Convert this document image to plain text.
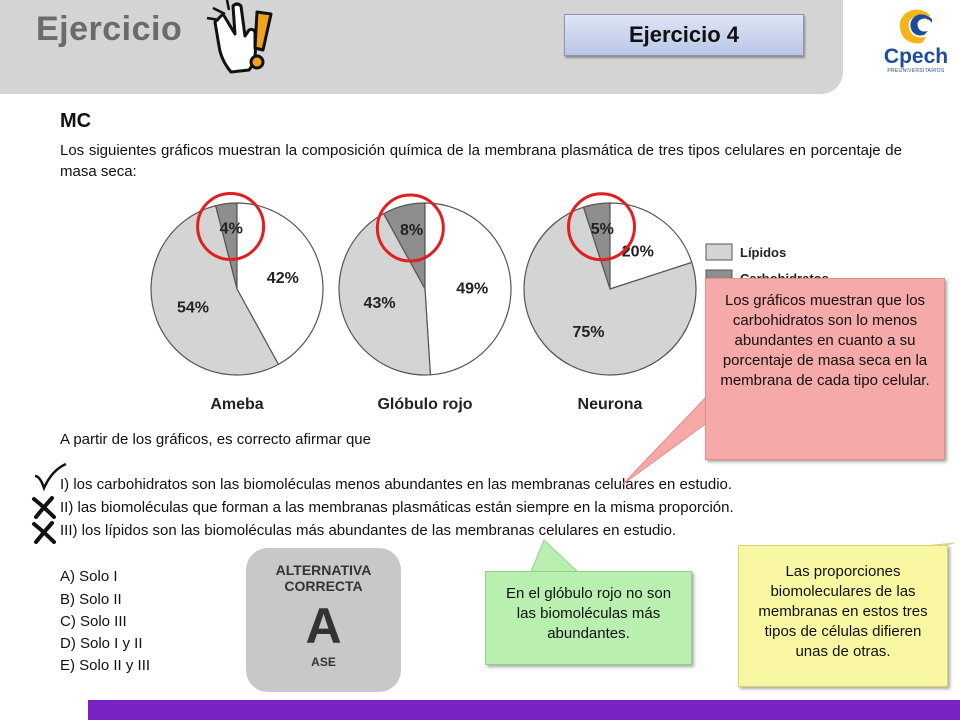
Ejercicio	Ejercicio 4
Cpech
PREUNIVERSITARIOS
MC
Los siguientes gráficos muestran la composición química de la membrana plasmática de tres tipos celulares en porcentaje de masa seca:
54%
42%
4%
Ameba
43%
49%
8%
Glóbulo rojo
75%
20%
5%
Neurona
Lípidos
A partir de los gráficos, es correcto afirmar que
I) los carbohidratos son las biomoléculas menos abundantes en las membranas celulares en estudio.
II) las biomoléculas que forman a las membranas plasmáticas están siempre en la misma proporción.
III) los lípidos son las biomoléculas más abundantes de las membranas celulares en estudio.
A) Solo I
B) Solo II
C) Solo III
D) Solo I y II
E) Solo II y III
ALTERNATIVA CORRECTA
A
ASE
Los gráficos muestran que los carbohidratos son lo menos abundantes en cuanto a su porcentaje de masa seca en la membrana de cada tipo celular.
En el glóbulo rojo no son las biomoléculas más abundantes.
Las proporciones biomoleculares de las membranas en estos tres tipos de células difieren unas de otras.
